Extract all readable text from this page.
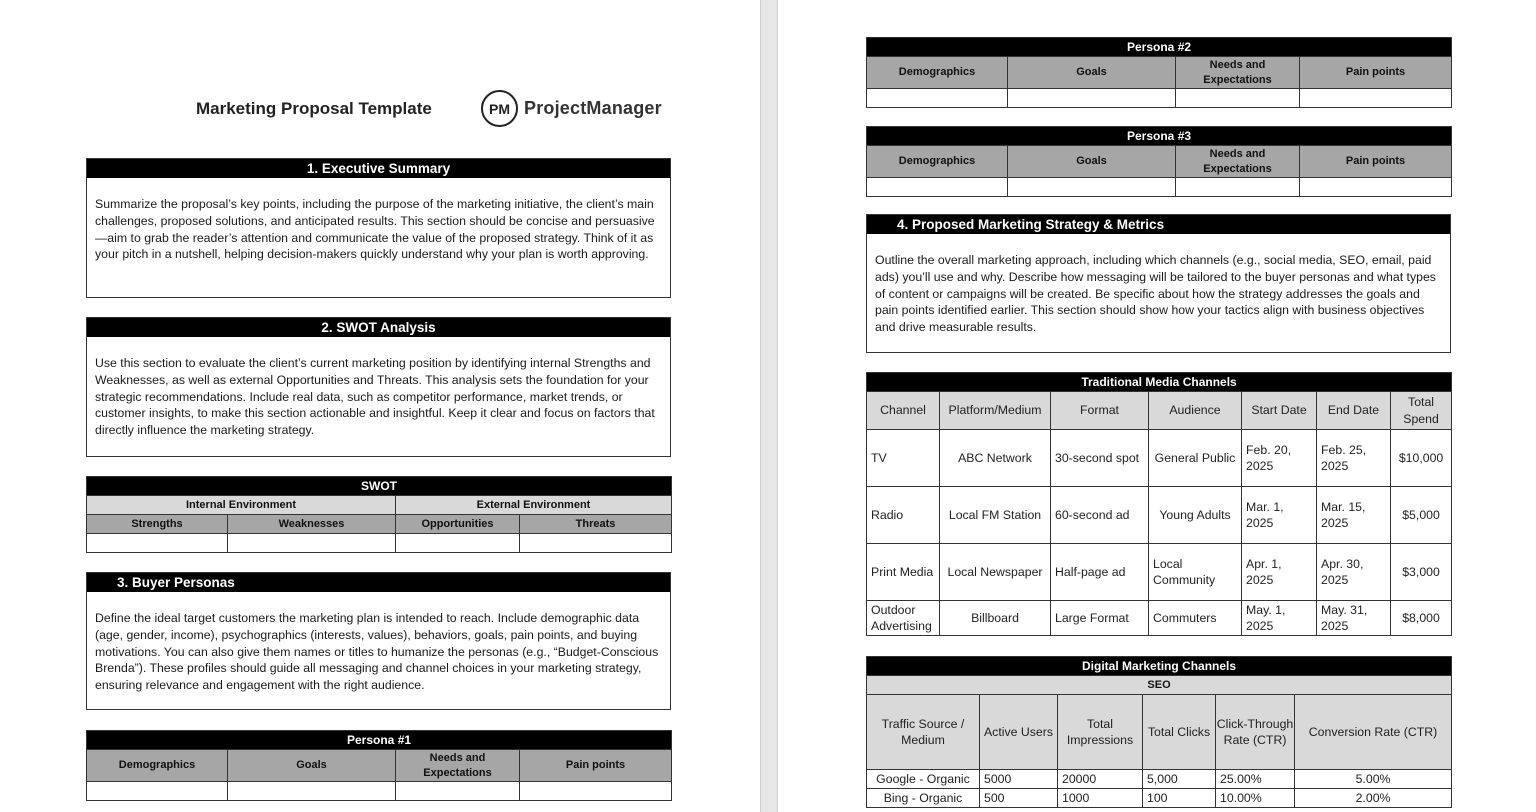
Marketing Proposal Template	PM ProjectManager
1. Executive Summary
Summarize the proposal’s key points, including the purpose of the marketing initiative, the client’s main challenges, proposed solutions, and anticipated results. This section should be concise and persuasive—aim to grab the reader’s attention and communicate the value of the proposed strategy. Think of it as your pitch in a nutshell, helping decision-makers quickly understand why your plan is worth approving.
2. SWOT Analysis
Use this section to evaluate the client’s current marketing position by identifying internal Strengths and Weaknesses, as well as external Opportunities and Threats. This analysis sets the foundation for your strategic recommendations. Include real data, such as competitor performance, market trends, or customer insights, to make this section actionable and insightful. Keep it clear and focus on factors that directly influence the marketing strategy.
SWOT			
Internal Environment		External Environment	
Strengths	Weaknesses	Opportunities	Threats

3. Buyer Personas
Define the ideal target customers the marketing plan is intended to reach. Include demographic data (age, gender, income), psychographics (interests, values), behaviors, goals, pain points, and buying motivations. You can also give them names or titles to humanize the personas (e.g., “Budget-Conscious Brenda”). These profiles should guide all messaging and channel choices in your marketing strategy, ensuring relevance and engagement with the right audience.
Persona #1			
Demographics	Goals	Needs and Expectations	Pain points

Persona #2			
Demographics	Goals	Needs and Expectations	Pain points

Persona #3			
Demographics	Goals	Needs and Expectations	Pain points

4. Proposed Marketing Strategy & Metrics
Outline the overall marketing approach, including which channels (e.g., social media, SEO, email, paid ads) you’ll use and why. Describe how messaging will be tailored to the buyer personas and what types of content or campaigns will be created. Be specific about how the strategy addresses the goals and pain points identified earlier. This section should show how your tactics align with business objectives and drive measurable results.
Traditional Media Channels						
Channel	Platform/Medium	Format	Audience	Start Date	End Date	Total Spend
TV	ABC Network	30-second spot	General Public	Feb. 20, 2025	Feb. 25, 2025	$10,000
Radio	Local FM Station	60-second ad	Young Adults	Mar. 1, 2025	Mar. 15, 2025	$5,000
Print Media	Local Newspaper	Half-page ad	Local Community	Apr. 1, 2025	Apr. 30, 2025	$3,000
Outdoor Advertising	Billboard	Large Format	Commuters	May. 1, 2025	May. 31, 2025	$8,000
Digital Marketing Channels					
SEO					
Traffic Source / Medium	Active Users	Total Impressions	Total Clicks	Click-Through Rate (CTR)	Conversion Rate (CTR)
Google - Organic	5000	20000	5,000	25.00%	5.00%
Bing - Organic	500	1000	100	10.00%	2.00%
